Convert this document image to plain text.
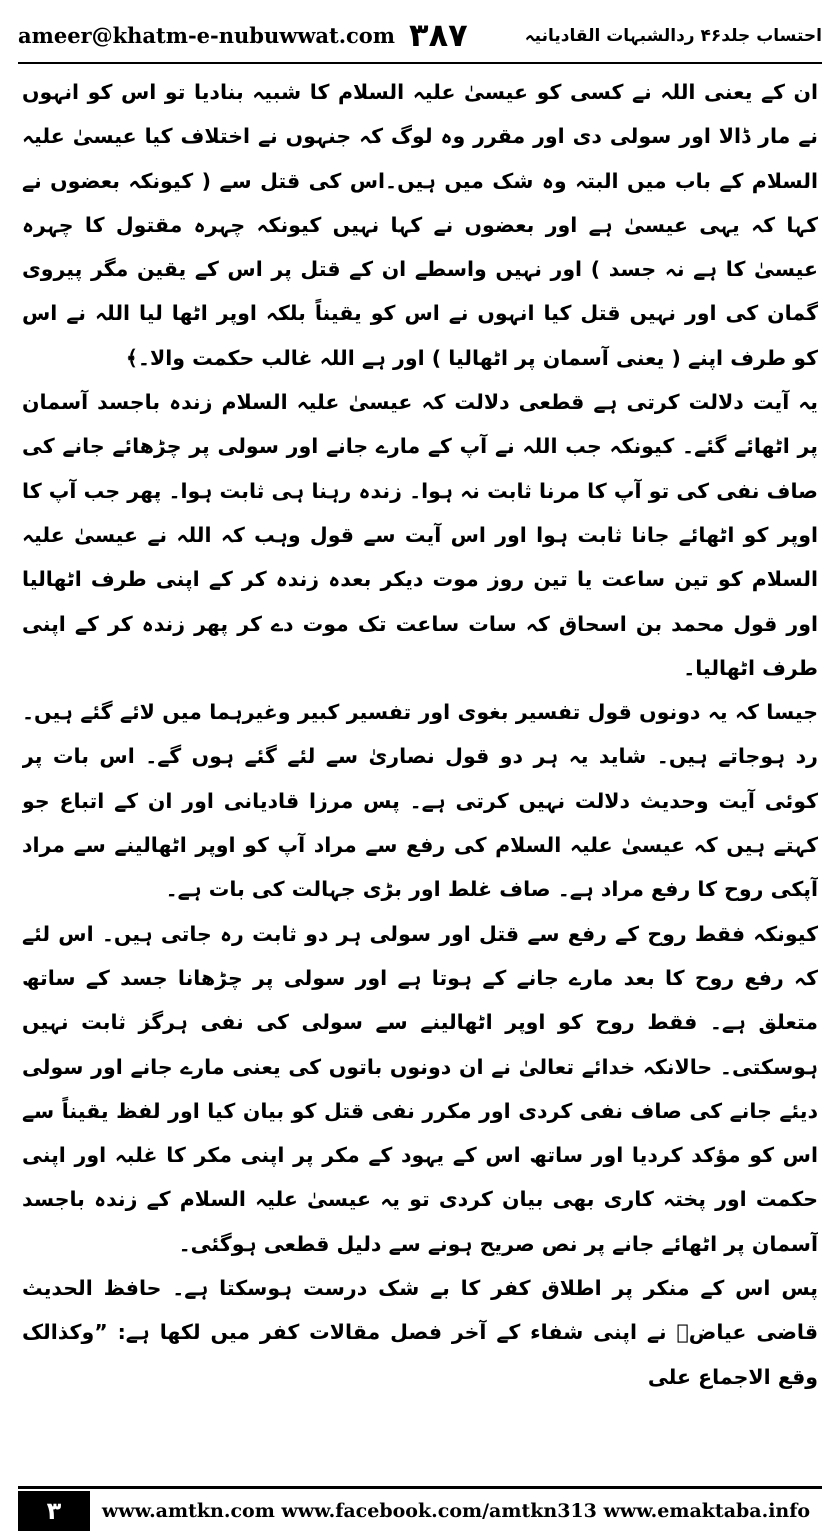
ameer@khatm-e-nubuwwat.com ۳۸۷	احتساب جلد۴۶ ردالشبہات القادیانیہ

ان کے یعنی اللہ نے کسی کو عیسیٰ علیہ السلام کا شبیہ بنادیا تو اس کو انہوں نے مار ڈالا اور سولی دی اور مقرر وہ لوگ کہ جنہوں نے اختلاف کیا عیسیٰ علیہ السلام کے باب میں البتہ وہ شک میں ہیں۔اس کی قتل سے ( کیونکہ بعضوں نے کہا کہ یہی عیسیٰ ہے اور بعضوں نے کہا نہیں کیونکہ چہرہ مقتول کا چہرہ عیسیٰ کا ہے نہ جسد ) اور نہیں واسطے ان کے قتل پر اس کے یقین مگر پیروی گمان کی اور نہیں قتل کیا انہوں نے اس کو یقیناً بلکہ اوپر اٹھا لیا اللہ نے اس کو طرف اپنے ( یعنی آسمان پر اٹھالیا ) اور ہے اللہ غالب حکمت والا۔﴾

یہ آیت دلالت کرتی ہے قطعی دلالت کہ عیسیٰ علیہ السلام زندہ باجسد آسمان پر اٹھائے گئے۔ کیونکہ جب اللہ نے آپ کے مارے جانے اور سولی پر چڑھائے جانے کی صاف نفی کی تو آپ کا مرنا ثابت نہ ہوا۔ زندہ رہنا ہی ثابت ہوا۔ پھر جب آپ کا اوپر کو اٹھائے جانا ثابت ہوا اور اس آیت سے قول وہب کہ اللہ نے عیسیٰ علیہ السلام کو تین ساعت یا تین روز موت دیکر بعدہ زندہ کر کے اپنی طرف اٹھالیا اور قول محمد بن اسحاق کہ سات ساعت تک موت دے کر پھر زندہ کر کے اپنی طرف اٹھالیا۔

جیسا کہ یہ دونوں قول تفسیر بغوی اور تفسیر کبیر وغیرہما میں لائے گئے ہیں۔ رد ہوجاتے ہیں۔ شاید یہ ہر دو قول نصاریٰ سے لئے گئے ہوں گے۔ اس بات پر کوئی آیت وحدیث دلالت نہیں کرتی ہے۔ پس مرزا قادیانی اور ان کے اتباع جو کہتے ہیں کہ عیسیٰ علیہ السلام کی رفع سے مراد آپ کو اوپر اٹھالینے سے مراد آپکی روح کا رفع مراد ہے۔ صاف غلط اور بڑی جہالت کی بات ہے۔

کیونکہ فقط روح کے رفع سے قتل اور سولی ہر دو ثابت رہ جاتی ہیں۔ اس لئے کہ رفع روح کا بعد مارے جانے کے ہوتا ہے اور سولی پر چڑھانا جسد کے ساتھ متعلق ہے۔ فقط روح کو اوپر اٹھالینے سے سولی کی نفی ہرگز ثابت نہیں ہوسکتی۔ حالانکہ خدائے تعالیٰ نے ان دونوں باتوں کی یعنی مارے جانے اور سولی دیئے جانے کی صاف نفی کردی اور مکرر نفی قتل کو بیان کیا اور لفظ یقیناً سے اس کو مؤکد کردیا اور ساتھ اس کے یہود کے مکر پر اپنی مکر کا غلبہ اور اپنی حکمت اور پختہ کاری بھی بیان کردی تو یہ عیسیٰ علیہ السلام کے زندہ باجسد آسمان پر اٹھائے جانے پر نص صریح ہونے سے دلیل قطعی ہوگئی۔

پس اس کے منکر پر اطلاق کفر کا بے شک درست ہوسکتا ہے۔ حافظ الحدیث قاضی عیاضؒ نے اپنی شفاء کے آخر فصل مقالات کفر میں لکھا ہے: ”وکذالک وقع الاجماع علی

۳	www.amtkn.com www.facebook.com/amtkn313 www.emaktaba.info
